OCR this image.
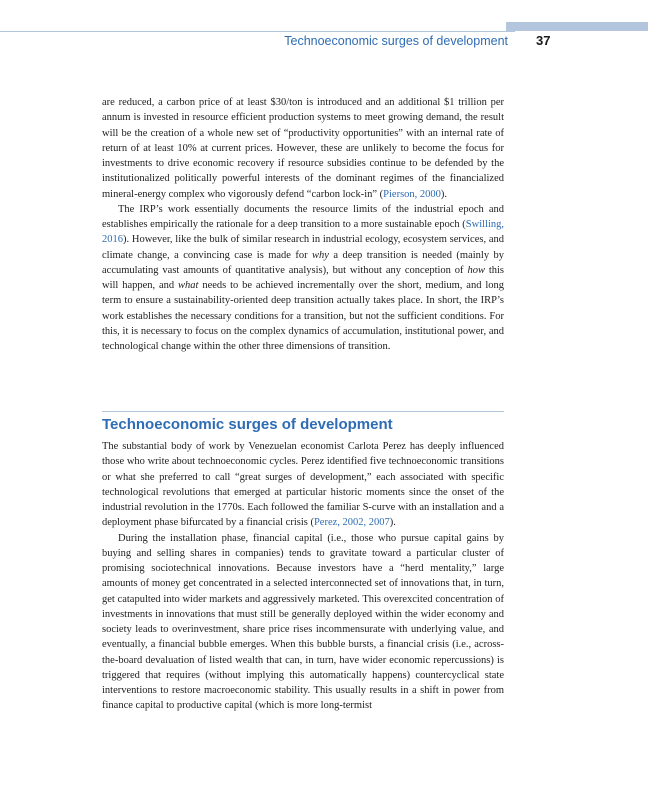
Technoeconomic surges of development 37

are reduced, a carbon price of at least $30/ton is introduced and an additional $1 trillion per annum is invested in resource efficient production systems to meet growing demand, the result will be the creation of a whole new set of “productivity opportunities” with an internal rate of return of at least 10% at current prices. However, these are unlikely to become the focus for investments to drive economic recovery if resource subsidies continue to be defended by the institutionalized politically powerful interests of the dominant regimes of the financialized mineral-energy complex who vigorously defend “carbon lock-in” (Pierson, 2000).

The IRP’s work essentially documents the resource limits of the industrial epoch and establishes empirically the rationale for a deep transition to a more sustainable epoch (Swilling, 2016). However, like the bulk of similar research in industrial ecology, ecosystem services, and climate change, a convincing case is made for why a deep transition is needed (mainly by accumulating vast amounts of quantitative analysis), but without any conception of how this will happen, and what needs to be achieved incrementally over the short, medium, and long term to ensure a sustainability-oriented deep transition actually takes place. In short, the IRP’s work establishes the necessary conditions for a transition, but not the sufficient conditions. For this, it is necessary to focus on the complex dynamics of accumulation, institutional power, and technological change within the other three dimensions of transition.

Technoeconomic surges of development

The substantial body of work by Venezuelan economist Carlota Perez has deeply influenced those who write about technoeconomic cycles. Perez identified five technoeconomic transitions or what she preferred to call “great surges of development,” each associated with specific technological revolutions that emerged at particular historic moments since the onset of the industrial revolution in the 1770s. Each followed the familiar S-curve with an installation and a deployment phase bifurcated by a financial crisis (Perez, 2002, 2007).

During the installation phase, financial capital (i.e., those who pursue capital gains by buying and selling shares in companies) tends to gravitate toward a particular cluster of promising sociotechnical innovations. Because investors have a “herd mentality,” large amounts of money get concentrated in a selected interconnected set of innovations that, in turn, get catapulted into wider markets and aggressively marketed. This overexcited concentration of investments in innovations that must still be generally deployed within the wider economy and society leads to overinvestment, share price rises incommensurate with underlying value, and eventually, a financial bubble emerges. When this bubble bursts, a financial crisis (i.e., across-the-board devaluation of listed wealth that can, in turn, have wider economic repercussions) is triggered that requires (without implying this automatically happens) countercyclical state interventions to restore macroeconomic stability. This usually results in a shift in power from finance capital to productive capital (which is more long-termist
